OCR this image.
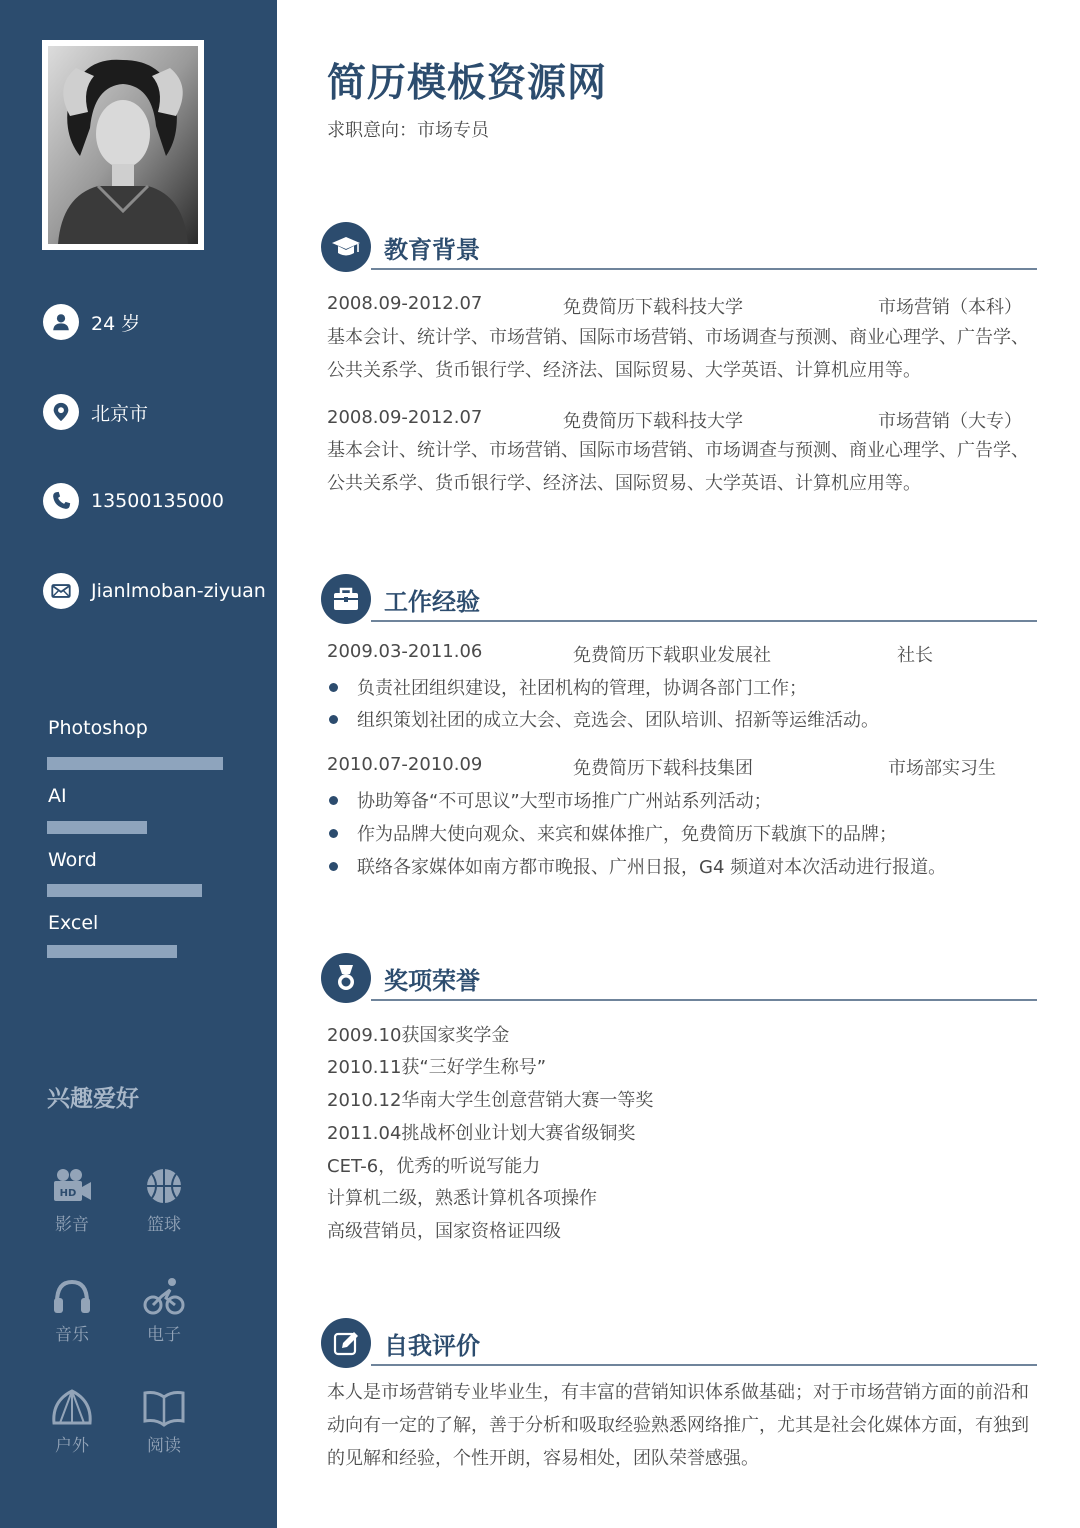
24 岁
北京市
13500135000
Jianlmoban-ziyuan
Photoshop
AI
Word
Excel
兴趣爱好
HD
影音	篮球
音乐	电子
户外	阅读
简历模板资源网
求职意向：市场专员
教育背景
2008.09-2012.07	免费简历下载科技大学	市场营销（本科）
基本会计、统计学、市场营销、国际市场营销、市场调查与预测、商业心理学、广告学、公共关系学、货币银行学、经济法、国际贸易、大学英语、计算机应用等。
2008.09-2012.07	免费简历下载科技大学	市场营销（大专）
基本会计、统计学、市场营销、国际市场营销、市场调查与预测、商业心理学、广告学、公共关系学、货币银行学、经济法、国际贸易、大学英语、计算机应用等。
工作经验
2009.03-2011.06	免费简历下载职业发展社	社长
负责社团组织建设，社团机构的管理，协调各部门工作；
组织策划社团的成立大会、竞选会、团队培训、招新等运维活动。
2010.07-2010.09	免费简历下载科技集团	市场部实习生
协助筹备“不可思议”大型市场推广广州站系列活动；
作为品牌大使向观众、来宾和媒体推广，免费简历下载旗下的品牌；
联络各家媒体如南方都市晚报、广州日报，G4 频道对本次活动进行报道。
奖项荣誉
2009.10获国家奖学金
2010.11获“三好学生称号”
2010.12华南大学生创意营销大赛一等奖
2011.04挑战杯创业计划大赛省级铜奖
CET-6，优秀的听说写能力
计算机二级，熟悉计算机各项操作
高级营销员，国家资格证四级
自我评价
本人是市场营销专业毕业生，有丰富的营销知识体系做基础；对于市场营销方面的前沿和动向有一定的了解，善于分析和吸取经验熟悉网络推广，尤其是社会化媒体方面，有独到的见解和经验，个性开朗，容易相处，团队荣誉感强。
